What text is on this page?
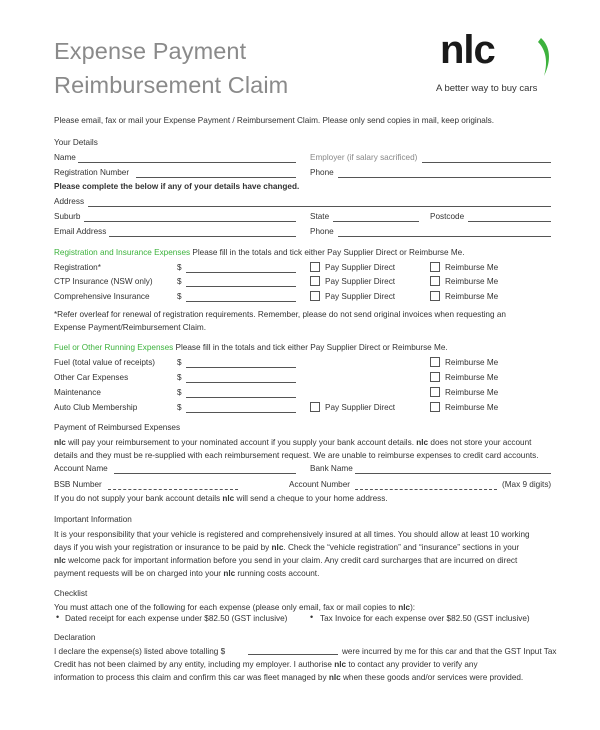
Expense Payment
Reimbursement Claim
nlc
A better way to buy cars
Please email, fax or mail your Expense Payment / Reimbursement Claim. Please only send copies in mail, keep originals.
Your Details
Name	Employer (if salary sacrificed)
Registration Number	Phone
Please complete the below if any of your details have changed.
Address
Suburb	State	Postcode
Email Address	Phone
Registration and Insurance Expenses Please fill in the totals and tick either Pay Supplier Direct or Reimburse Me.
Registration*	$	Pay Supplier Direct	Reimburse Me
CTP Insurance (NSW only)	$	Pay Supplier Direct	Reimburse Me
Comprehensive Insurance	$	Pay Supplier Direct	Reimburse Me
*Refer overleaf for renewal of registration requirements. Remember, please do not send original invoices when requesting an
Expense Payment/Reimbursement Claim.
Fuel or Other Running Expenses Please fill in the totals and tick either Pay Supplier Direct or Reimburse Me.
Fuel (total value of receipts)	$	Reimburse Me
Other Car Expenses	$	Reimburse Me
Maintenance	$	Reimburse Me
Auto Club Membership	$	Pay Supplier Direct	Reimburse Me
Payment of Reimbursed Expenses
nlc will pay your reimbursement to your nominated account if you supply your bank account details. nlc does not store your account
details and they must be re-supplied with each reimbursement request. We are unable to reimburse expenses to credit card accounts.
Account Name	Bank Name
BSB Number	Account Number	(Max 9 digits)
If you do not supply your bank account details nlc will send a cheque to your home address.
Important Information
It is your responsibility that your vehicle is registered and comprehensively insured at all times. You should allow at least 10 working
days if you wish your registration or insurance to be paid by nlc. Check the “vehicle registration” and “insurance” sections in your
nlc welcome pack for important information before you send in your claim. Any credit card surcharges that are incurred on direct
payment requests will be on charged into your nlc running costs account.
Checklist
You must attach one of the following for each expense (please only email, fax or mail copies to nlc):
• Dated receipt for each expense under $82.50 (GST inclusive)	• Tax Invoice for each expense over $82.50 (GST inclusive)
Declaration
I declare the expense(s) listed above totalling $	were incurred by me for this car and that the GST Input Tax
Credit has not been claimed by any entity, including my employer. I authorise nlc to contact any provider to verify any
information to process this claim and confirm this car was fleet managed by nlc when these goods and/or services were provided.
